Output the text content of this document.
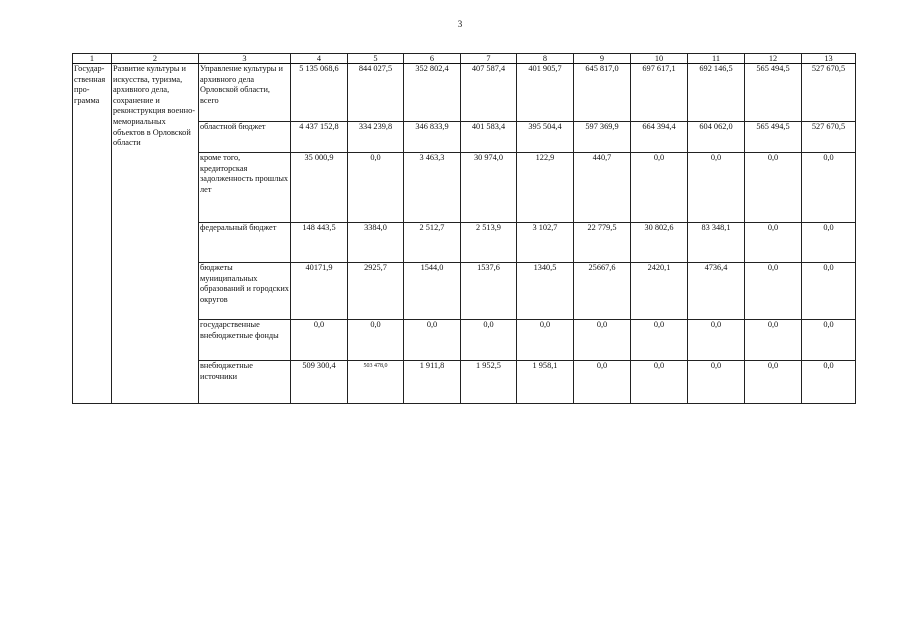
3
1	2	3	4	5	6	7	8	9	10	11	12	13
Государ-ственная про-грамма	Развитие культуры и искусства, туризма, архивного дела, сохранение и реконструкция военно-мемориальных объектов в Орловской области	Управление культуры и архивного дела Орловской области, всего	5 135 068,6	844 027,5	352 802,4	407 587,4	401 905,7	645 817,0	697 617,1	692 146,5	565 494,5	527 670,5
		областной бюджет	4 437 152,8	334 239,8	346 833,9	401 583,4	395 504,4	597 369,9	664 394,4	604 062,0	565 494,5	527 670,5
		кроме того, кредиторская задолженность прошлых лет	35 000,9	0,0	3 463,3	30 974,0	122,9	440,7	0,0	0,0	0,0	0,0
		федеральный бюджет	148 443,5	3384,0	2 512,7	2 513,9	3 102,7	22 779,5	30 802,6	83 348,1	0,0	0,0
		бюджеты муниципальных образований и городских округов	40171,9	2925,7	1544,0	1537,6	1340,5	25667,6	2420,1	4736,4	0,0	0,0
		государственные внебюджетные фонды	0,0	0,0	0,0	0,0	0,0	0,0	0,0	0,0	0,0	0,0
		внебюджетные источники	509 300,4	503 478,0	1 911,8	1 952,5	1 958,1	0,0	0,0	0,0	0,0	0,0
